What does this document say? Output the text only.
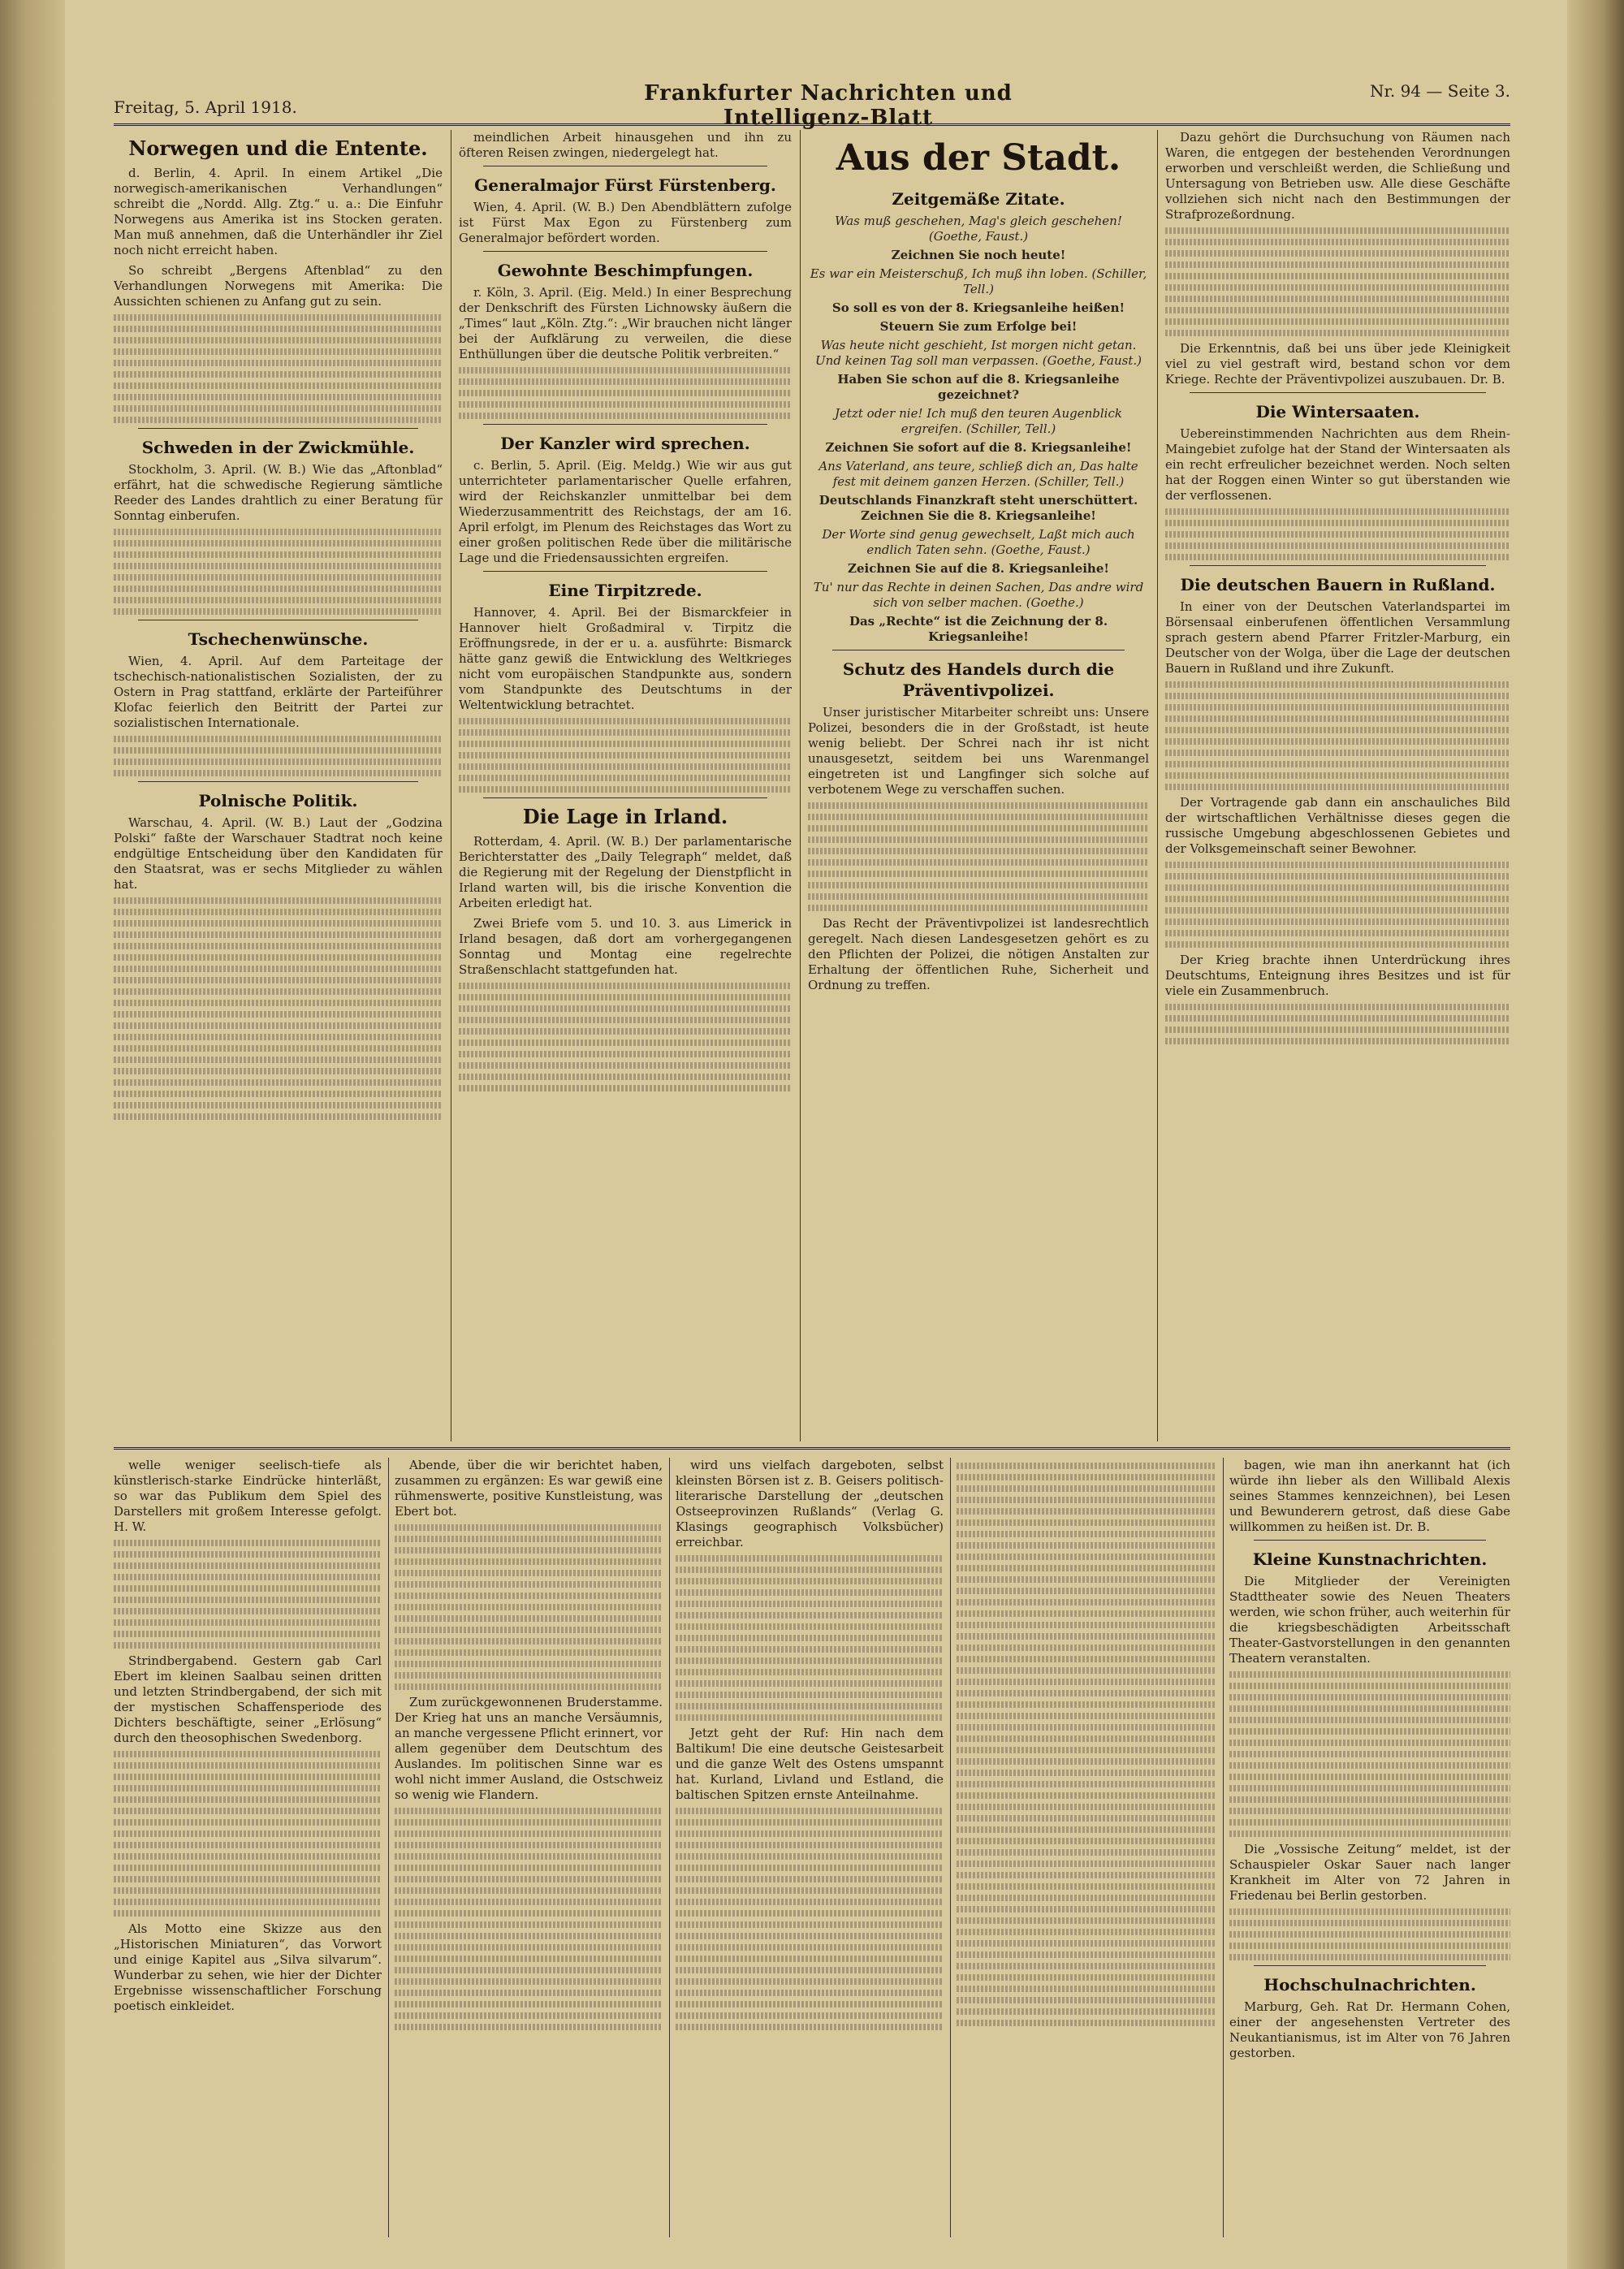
Freitag, 5. April 1918.
Frankfurter Nachrichten und Intelligenz-Blatt
Nr. 94 — Seite 3.
Norwegen und die Entente.

d. Berlin, 4. April. In einem Artikel „Die norwegisch-amerikanischen Verhandlungen“ schreibt die „Nordd. Allg. Ztg.“ u. a.: Die Einfuhr Norwegens aus Amerika ist ins Stocken geraten. Man muß annehmen, daß die Unterhändler ihr Ziel noch nicht erreicht haben.

So schreibt „Bergens Aftenblad“ zu den Verhandlungen Norwegens mit Amerika: Die Aussichten schienen zu Anfang gut zu sein.

Schweden in der Zwickmühle.

Stockholm, 3. April. (W. B.) Wie das „Aftonblad“ erfährt, hat die schwedische Regierung sämtliche Reeder des Landes drahtlich zu einer Beratung für Sonntag einberufen.

Tschechenwünsche.

Wien, 4. April. Auf dem Parteitage der tschechisch-nationalistischen Sozialisten, der zu Ostern in Prag stattfand, erklärte der Parteiführer Klofac feierlich den Beitritt der Partei zur sozialistischen Internationale.

Polnische Politik.

Warschau, 4. April. (W. B.) Laut der „Godzina Polski“ faßte der Warschauer Stadtrat noch keine endgültige Entscheidung über den Kandidaten für den Staatsrat, was er sechs Mitglieder zu wählen hat.

meindlichen Arbeit hinausgehen und ihn zu öfteren Reisen zwingen, niedergelegt hat.

Generalmajor Fürst Fürstenberg.

Wien, 4. April. (W. B.) Den Abendblättern zufolge ist Fürst Max Egon zu Fürstenberg zum Generalmajor befördert worden.

Gewohnte Beschimpfungen.

r. Köln, 3. April. (Eig. Meld.) In einer Besprechung der Denkschrift des Fürsten Lichnowsky äußern die „Times“ laut „Köln. Ztg.“: „Wir brauchen nicht länger bei der Aufklärung zu verweilen, die diese Enthüllungen über die deutsche Politik verbreiten.“

Der Kanzler wird sprechen.

c. Berlin, 5. April. (Eig. Meldg.) Wie wir aus gut unterrichteter parlamentarischer Quelle erfahren, wird der Reichskanzler unmittelbar bei dem Wiederzusammentritt des Reichstags, der am 16. April erfolgt, im Plenum des Reichstages das Wort zu einer großen politischen Rede über die militärische Lage und die Friedensaussichten ergreifen.

Eine Tirpitzrede.

Hannover, 4. April. Bei der Bismarckfeier in Hannover hielt Großadmiral v. Tirpitz die Eröffnungsrede, in der er u. a. ausführte: Bismarck hätte ganz gewiß die Entwicklung des Weltkrieges nicht vom europäischen Standpunkte aus, sondern vom Standpunkte des Deutschtums in der Weltentwicklung betrachtet.

Die Lage in Irland.

Rotterdam, 4. April. (W. B.) Der parlamentarische Berichterstatter des „Daily Telegraph“ meldet, daß die Regierung mit der Regelung der Dienstpflicht in Irland warten will, bis die irische Konvention die Arbeiten erledigt hat.

Zwei Briefe vom 5. und 10. 3. aus Limerick in Irland besagen, daß dort am vorhergegangenen Sonntag und Montag eine regelrechte Straßenschlacht stattgefunden hat.

Aus der Stadt.
Zeitgemäße Zitate.

Was muß geschehen, Mag's gleich geschehen! (Goethe, Faust.)

Zeichnen Sie noch heute!

Es war ein Meisterschuß, Ich muß ihn loben. (Schiller, Tell.)

So soll es von der 8. Kriegsanleihe heißen!

Steuern Sie zum Erfolge bei!

Was heute nicht geschieht, Ist morgen nicht getan. Und keinen Tag soll man verpassen. (Goethe, Faust.)

Haben Sie schon auf die 8. Kriegsanleihe gezeichnet?

Jetzt oder nie! Ich muß den teuren Augenblick ergreifen. (Schiller, Tell.)

Zeichnen Sie sofort auf die 8. Kriegsanleihe!

Ans Vaterland, ans teure, schließ dich an, Das halte fest mit deinem ganzen Herzen. (Schiller, Tell.)

Deutschlands Finanzkraft steht unerschüttert. Zeichnen Sie die 8. Kriegsanleihe!

Der Worte sind genug gewechselt, Laßt mich auch endlich Taten sehn. (Goethe, Faust.)

Zeichnen Sie auf die 8. Kriegsanleihe!

Tu' nur das Rechte in deinen Sachen, Das andre wird sich von selber machen. (Goethe.)

Das „Rechte“ ist die Zeichnung der 8. Kriegsanleihe!

Schutz des Handels durch die Präventivpolizei.

Unser juristischer Mitarbeiter schreibt uns: Unsere Polizei, besonders die in der Großstadt, ist heute wenig beliebt. Der Schrei nach ihr ist nicht unausgesetzt, seitdem bei uns Warenmangel eingetreten ist und Langfinger sich solche auf verbotenem Wege zu verschaffen suchen.

Das Recht der Präventivpolizei ist landesrechtlich geregelt. Nach diesen Landesgesetzen gehört es zu den Pflichten der Polizei, die nötigen Anstalten zur Erhaltung der öffentlichen Ruhe, Sicherheit und Ordnung zu treffen.

Dazu gehört die Durchsuchung von Räumen nach Waren, die entgegen der bestehenden Verordnungen erworben und verschleißt werden, die Schließung und Untersagung von Betrieben usw. Alle diese Geschäfte vollziehen sich nicht nach den Bestimmungen der Strafprozeßordnung.

Die Erkenntnis, daß bei uns über jede Kleinigkeit viel zu viel gestraft wird, bestand schon vor dem Kriege. Rechte der Präventivpolizei auszubauen. Dr. B.

Die Wintersaaten.

Uebereinstimmenden Nachrichten aus dem Rhein-Maingebiet zufolge hat der Stand der Wintersaaten als ein recht erfreulicher bezeichnet werden. Noch selten hat der Roggen einen Winter so gut überstanden wie der verflossenen.

Die deutschen Bauern in Rußland.

In einer von der Deutschen Vaterlandspartei im Börsensaal einberufenen öffentlichen Versammlung sprach gestern abend Pfarrer Fritzler-Marburg, ein Deutscher von der Wolga, über die Lage der deutschen Bauern in Rußland und ihre Zukunft.

Der Vortragende gab dann ein anschauliches Bild der wirtschaftlichen Verhältnisse dieses gegen die russische Umgebung abgeschlossenen Gebietes und der Volksgemeinschaft seiner Bewohner.

Der Krieg brachte ihnen Unterdrückung ihres Deutschtums, Enteignung ihres Besitzes und ist für viele ein Zusammenbruch.

welle weniger seelisch-tiefe als künstlerisch-starke Eindrücke hinterläßt, so war das Publikum dem Spiel des Darstellers mit großem Interesse gefolgt. H. W.

Strindbergabend. Gestern gab Carl Ebert im kleinen Saalbau seinen dritten und letzten Strindbergabend, der sich mit der mystischen Schaffensperiode des Dichters beschäftigte, seiner „Erlösung“ durch den theosophischen Swedenborg.

Als Motto eine Skizze aus den „Historischen Miniaturen“, das Vorwort und einige Kapitel aus „Silva silvarum“. Wunderbar zu sehen, wie hier der Dichter Ergebnisse wissenschaftlicher Forschung poetisch einkleidet.

Abende, über die wir berichtet haben, zusammen zu ergänzen: Es war gewiß eine rühmenswerte, positive Kunstleistung, was Ebert bot.

Zum zurückgewonnenen Bruderstamme. Der Krieg hat uns an manche Versäumnis, an manche vergessene Pflicht erinnert, vor allem gegenüber dem Deutschtum des Auslandes. Im politischen Sinne war es wohl nicht immer Ausland, die Ostschweiz so wenig wie Flandern.

wird uns vielfach dargeboten, selbst kleinsten Börsen ist z. B. Geisers politisch-literarische Darstellung der „deutschen Ostseeprovinzen Rußlands“ (Verlag G. Klasings geographisch Volksbücher) erreichbar.

Jetzt geht der Ruf: Hin nach dem Baltikum! Die eine deutsche Geistesarbeit und die ganze Welt des Ostens umspannt hat. Kurland, Livland und Estland, die baltischen Spitzen ernste Anteilnahme.

bagen, wie man ihn anerkannt hat (ich würde ihn lieber als den Willibald Alexis seines Stammes kennzeichnen), bei Lesen und Bewunderern getrost, daß diese Gabe willkommen zu heißen ist. Dr. B.

Kleine Kunstnachrichten.

Die Mitglieder der Vereinigten Stadttheater sowie des Neuen Theaters werden, wie schon früher, auch weiterhin für die kriegsbeschädigten Arbeitsschaft Theater-Gastvorstellungen in den genannten Theatern veranstalten.

Die „Vossische Zeitung“ meldet, ist der Schauspieler Oskar Sauer nach langer Krankheit im Alter von 72 Jahren in Friedenau bei Berlin gestorben.

Hochschulnachrichten.

Marburg, Geh. Rat Dr. Hermann Cohen, einer der angesehensten Vertreter des Neukantianismus, ist im Alter von 76 Jahren gestorben.
